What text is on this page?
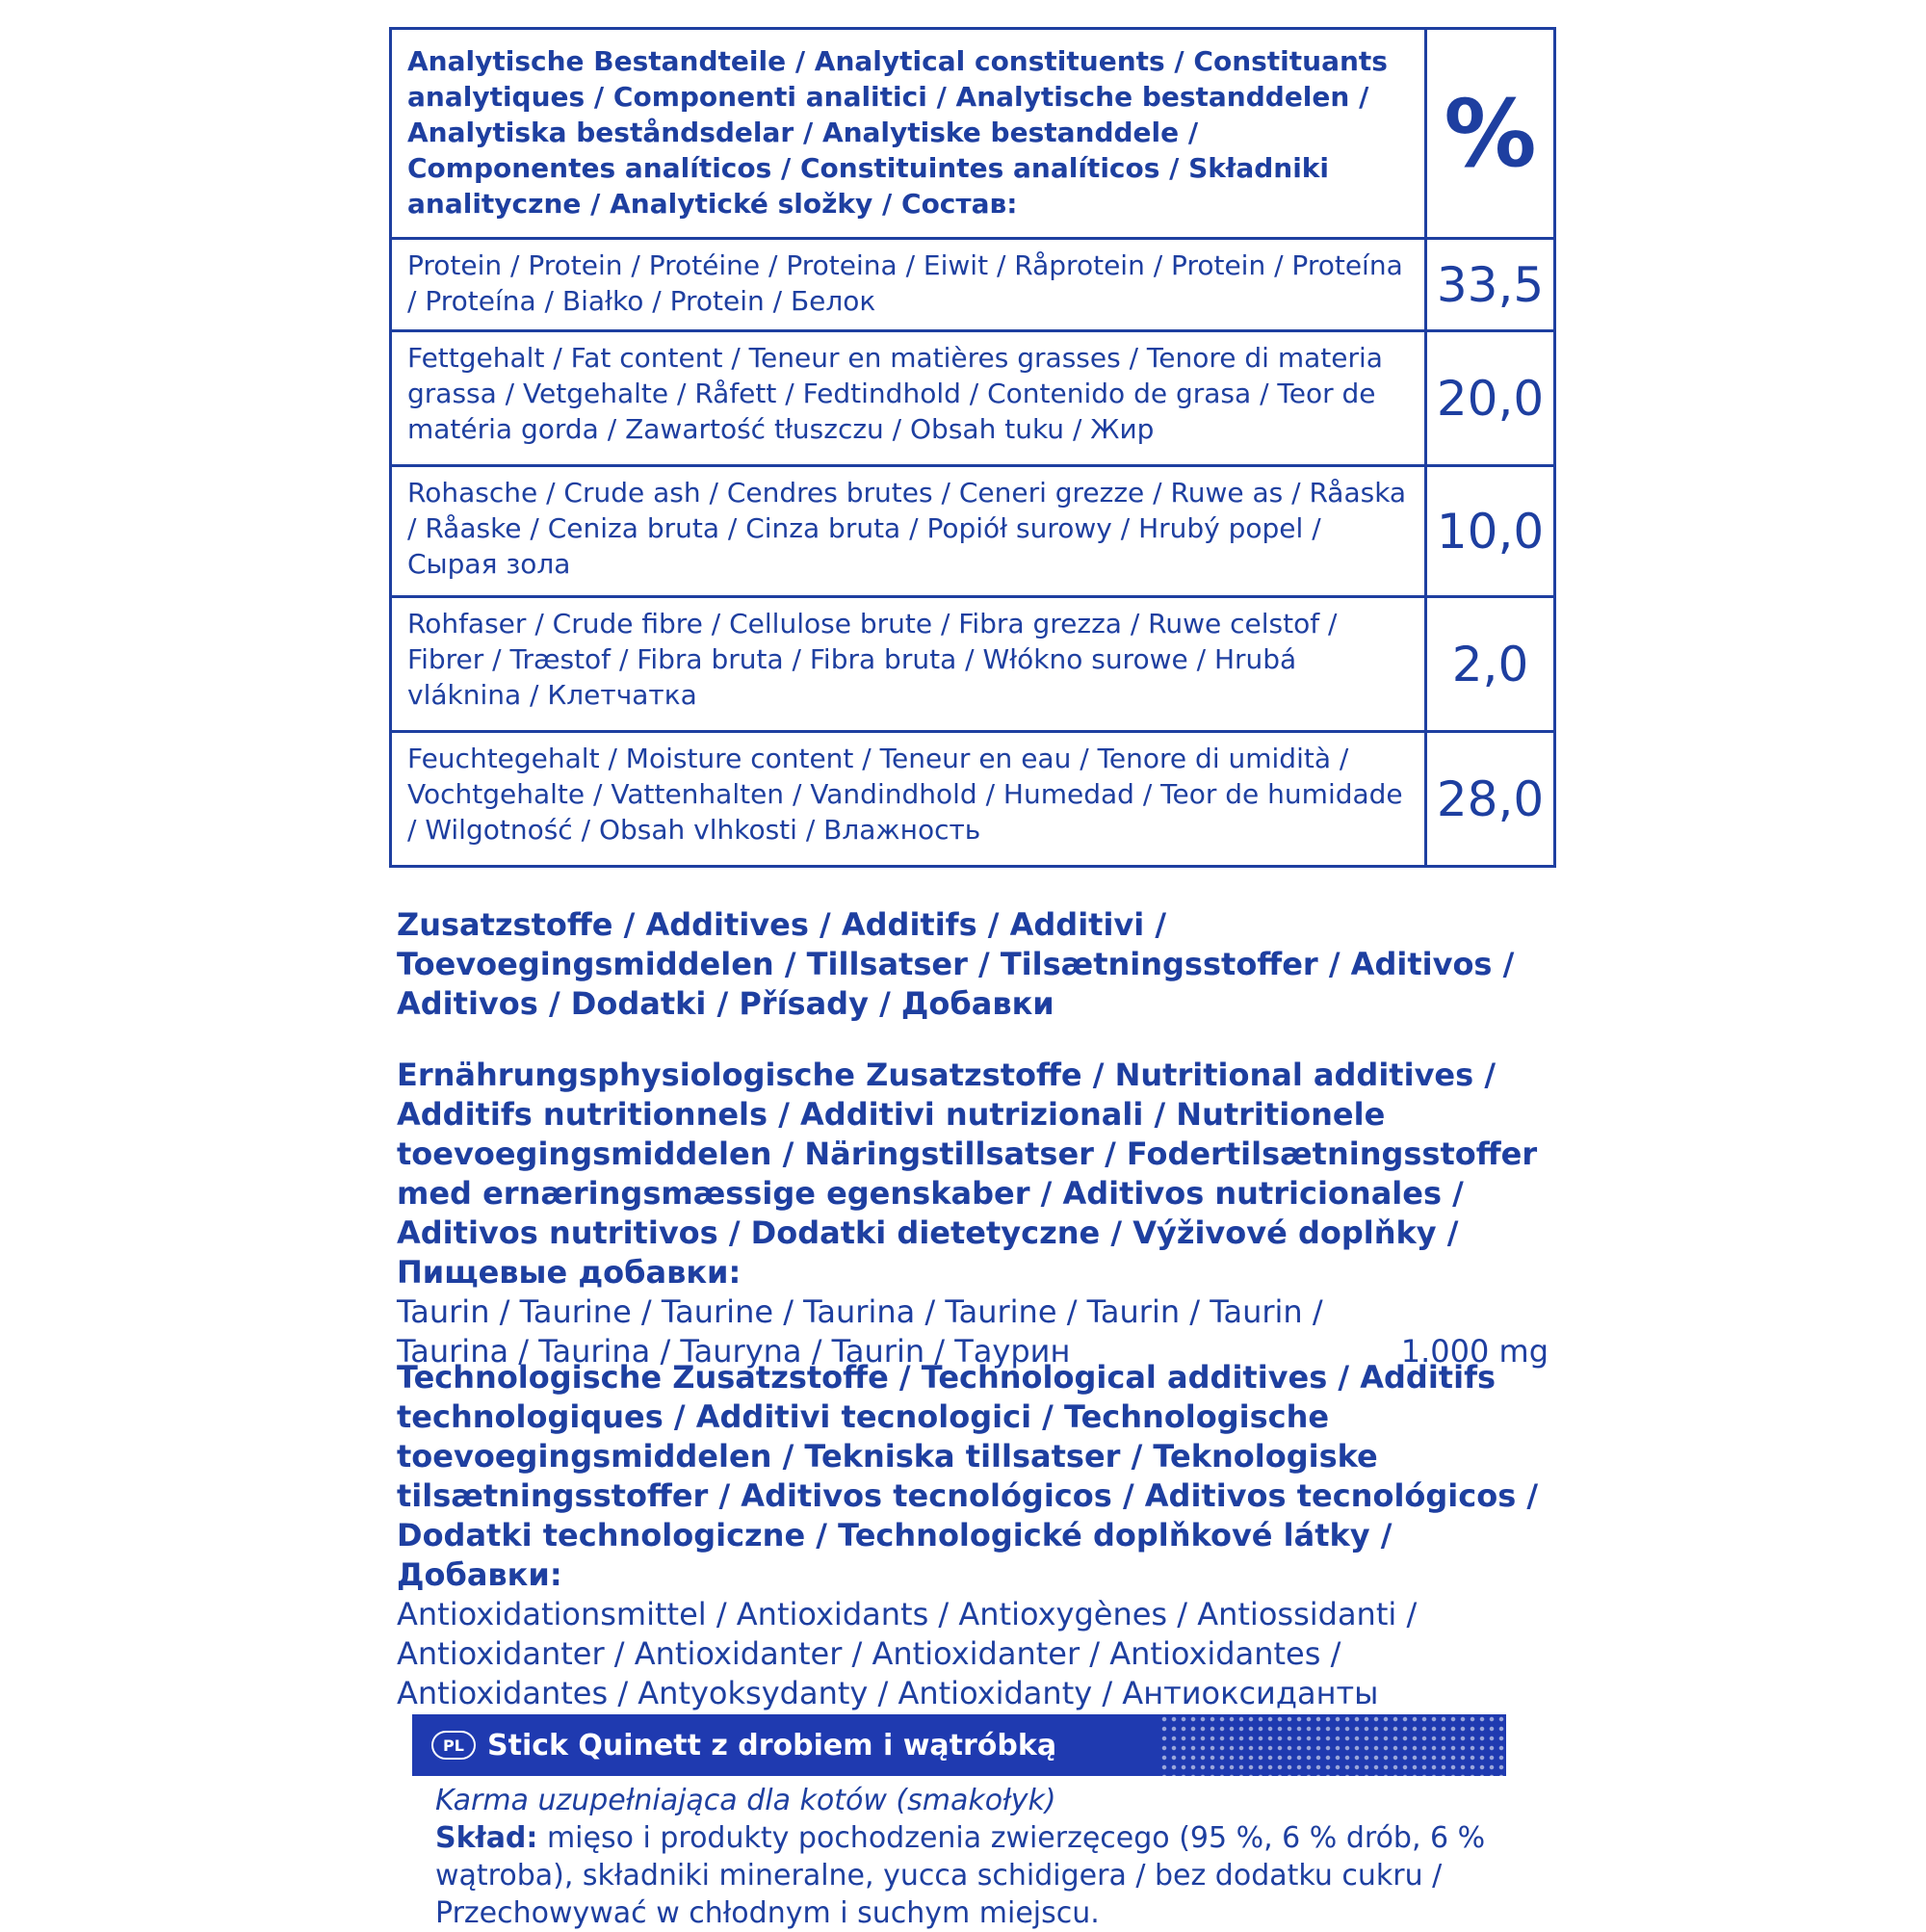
Analytische Bestandteile / Analytical constituents / Constituants analytiques / Componenti analitici / Analytische bestanddelen / Analytiska beståndsdelar / Analytiske bestanddele / Componentes analíticos / Constituintes analíticos / Składniki analityczne / Analytické složky / Состав:
%
Protein / Protein / Protéine / Proteina / Eiwit / Råprotein / Protein / Proteína / Proteína / Białko / Protein / Белок	33,5
Fettgehalt / Fat content / Teneur en matières grasses / Tenore di materia grassa / Vetgehalte / Råfett / Fedtindhold / Contenido de grasa / Teor de matéria gorda / Zawartość tłuszczu / Obsah tuku / Жир
20,0
Rohasche / Crude ash / Cendres brutes / Ceneri grezze / Ruwe as / Råaska / Råaske / Ceniza bruta / Cinza bruta / Popiół surowy / Hrubý popel / Сырая зола
10,0
Rohfaser / Crude fibre / Cellulose brute / Fibra grezza / Ruwe celstof / Fibrer / Træstof / Fibra bruta / Fibra bruta / Włókno surowe / Hrubá vláknina / Клетчатка
2,0
Feuchtegehalt / Moisture content / Teneur en eau / Tenore di umidità / Vochtgehalte / Vattenhalten / Vandindhold / Humedad / Teor de humidade / Wilgotność / Obsah vlhkosti / Влажность
28,0
Zusatzstoffe / Additives / Additifs / Additivi / Toevoegingsmiddelen / Tillsatser / Tilsætningsstoffer / Aditivos / Aditivos / Dodatki / Přísady / Добавки
Ernährungsphysiologische Zusatzstoffe / Nutritional additives / Additifs nutritionnels / Additivi nutrizionali / Nutritionele toevoegingsmiddelen / Näringstillsatser / Fodertilsætningsstoffer med ernæringsmæssige egenskaber / Aditivos nutricionales / Aditivos nutritivos / Dodatki dietetyczne / Výživové doplňky / Пищевые добавки:
Taurin / Taurine / Taurine / Taurina / Taurine / Taurin / Taurin /
Taurina / Taurina / Tauryna / Taurin / Таурин	1.000 mg
Technologische Zusatzstoffe / Technological additives / Additifs technologiques / Additivi tecnologici / Technologische toevoegingsmiddelen / Tekniska tillsatser / Teknologiske tilsætningsstoffer / Aditivos tecnológicos / Aditivos tecnológicos / Dodatki technologiczne / Technologické doplňkové látky / Добавки:
Antioxidationsmittel / Antioxidants / Antioxygènes / Antiossidanti / Antioxidanter / Antioxidanter / Antioxidanter / Antioxidantes / Antioxidantes / Antyoksydanty / Antioxidanty / Антиоксиданты
PL Stick Quinett z drobiem i wątróbką
Karma uzupełniająca dla kotów (smakołyk)
Skład: mięso i produkty pochodzenia zwierzęcego (95 %, 6 % drób, 6 % wątroba), składniki mineralne, yucca schidigera / bez dodatku cukru / Przechowywać w chłodnym i suchym miejscu.
